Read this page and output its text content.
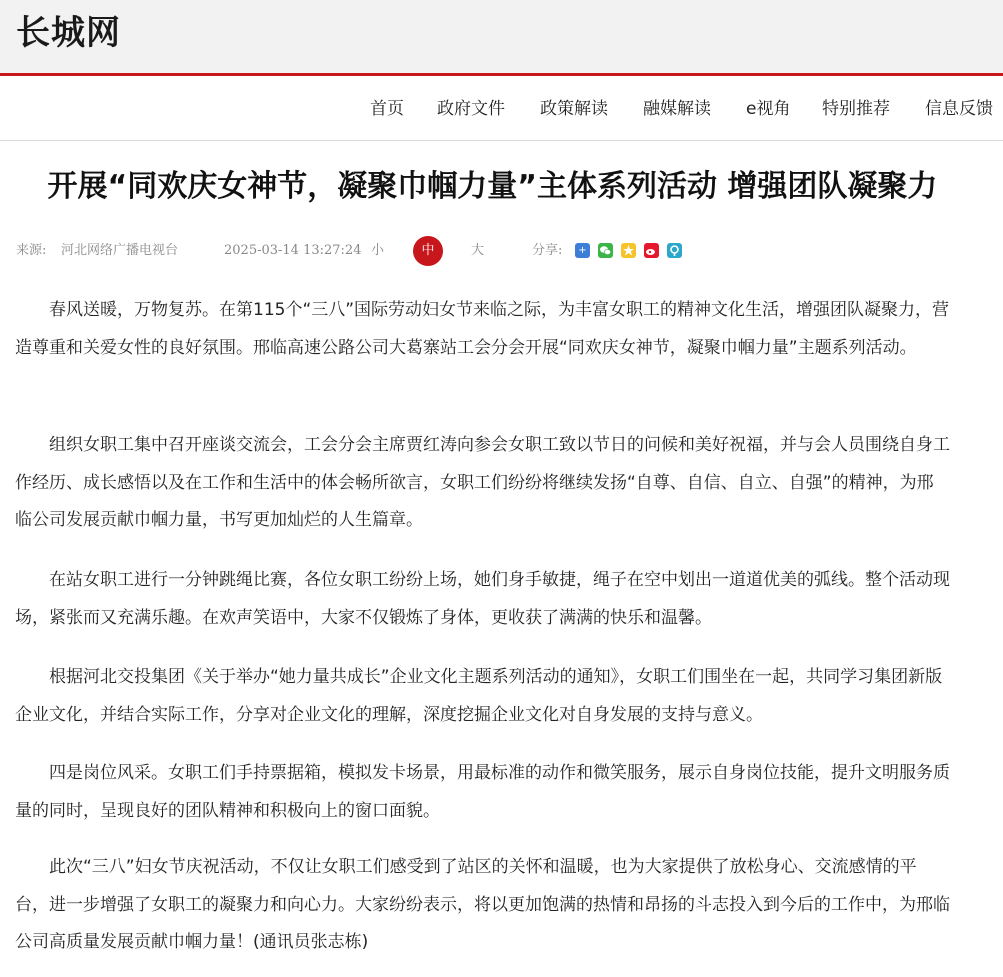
长城网
首页 政府文件 政策解读 融媒解读 e视角 特别推荐 信息反馈
开展“同欢庆女神节，凝聚巾帼力量”主体系列活动 增强团队凝聚力
来源: 河北网络广播电视台	2025-03-14 13:27:24 小	中	大	分享:	+

春风送暖，万物复苏。在第115个“三八”国际劳动妇女节来临之际，为丰富女职工的精神文化生活，增强团队凝聚力，营造尊重和关爱女性的良好氛围。邢临高速公路公司大葛寨站工会分会开展“同欢庆女神节，凝聚巾帼力量”主题系列活动。

组织女职工集中召开座谈交流会，工会分会主席贾红涛向参会女职工致以节日的问候和美好祝福，并与会人员围绕自身工作经历、成长感悟以及在工作和生活中的体会畅所欲言，女职工们纷纷将继续发扬“自尊、自信、自立、自强”的精神，为邢临公司发展贡献巾帼力量，书写更加灿烂的人生篇章。

在站女职工进行一分钟跳绳比赛，各位女职工纷纷上场，她们身手敏捷，绳子在空中划出一道道优美的弧线。整个活动现场，紧张而又充满乐趣。在欢声笑语中，大家不仅锻炼了身体，更收获了满满的快乐和温馨。

根据河北交投集团《关于举办“她力量共成长”企业文化主题系列活动的通知》，女职工们围坐在一起，共同学习集团新版企业文化，并结合实际工作，分享对企业文化的理解，深度挖掘企业文化对自身发展的支持与意义。

四是岗位风采。女职工们手持票据箱，模拟发卡场景，用最标准的动作和微笑服务，展示自身岗位技能，提升文明服务质量的同时，呈现良好的团队精神和积极向上的窗口面貌。

此次“三八”妇女节庆祝活动，不仅让女职工们感受到了站区的关怀和温暖，也为大家提供了放松身心、交流感情的平台，进一步增强了女职工的凝聚力和向心力。大家纷纷表示，将以更加饱满的热情和昂扬的斗志投入到今后的工作中，为邢临公司高质量发展贡献巾帼力量！(通讯员张志栋)
